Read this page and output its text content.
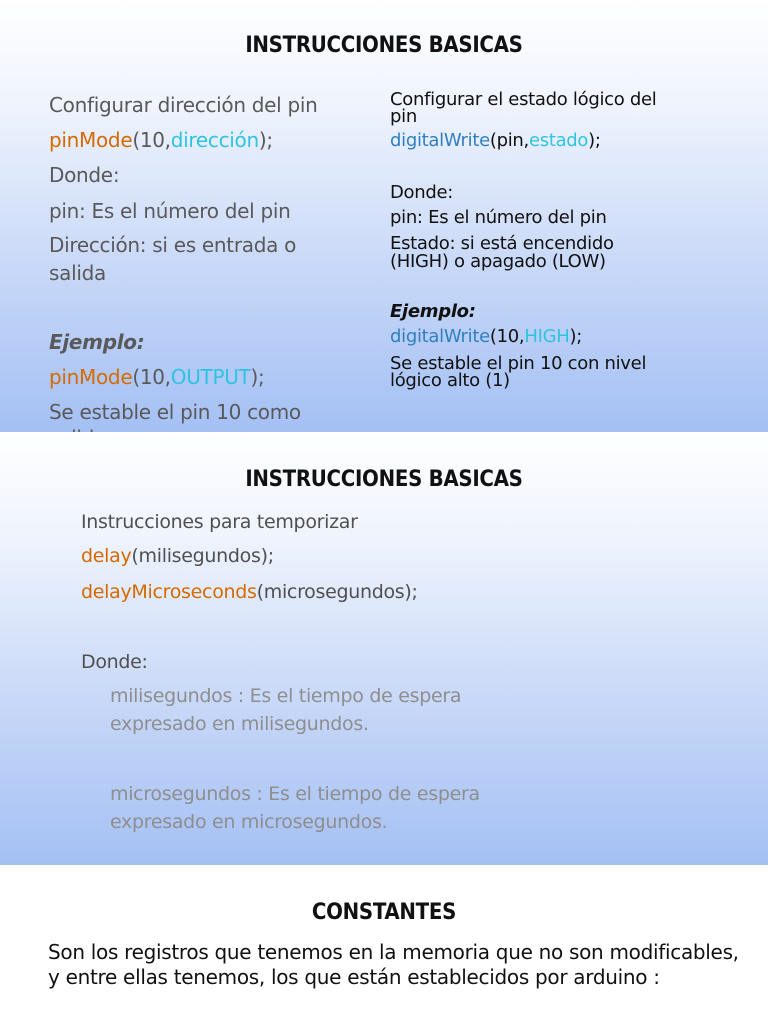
INSTRUCCIONES BASICAS

Configurar dirección del pin

pinMode(10,dirección);

Donde:

pin: Es el número del pin

Dirección: si es entrada o

salida

Ejemplo:

pinMode(10,OUTPUT);

Se estable el pin 10 como

Configurar el estado lógico del

pin

digitalWrite(pin,estado);

Donde:

pin: Es el número del pin

Estado: si está encendido

(HIGH) o apagado (LOW)

Ejemplo:

digitalWrite(10,HIGH);

Se estable el pin 10 con nivel

lógico alto (1)

INSTRUCCIONES BASICAS

Instrucciones para temporizar

delay(milisegundos);

delayMicroseconds(microsegundos);

Donde:

milisegundos : Es el tiempo de espera

expresado en milisegundos.

microsegundos : Es el tiempo de espera

expresado en microsegundos.

CONSTANTES

Son los registros que tenemos en la memoria que no son modificables, y entre ellas tenemos, los que están establecidos por arduino :
